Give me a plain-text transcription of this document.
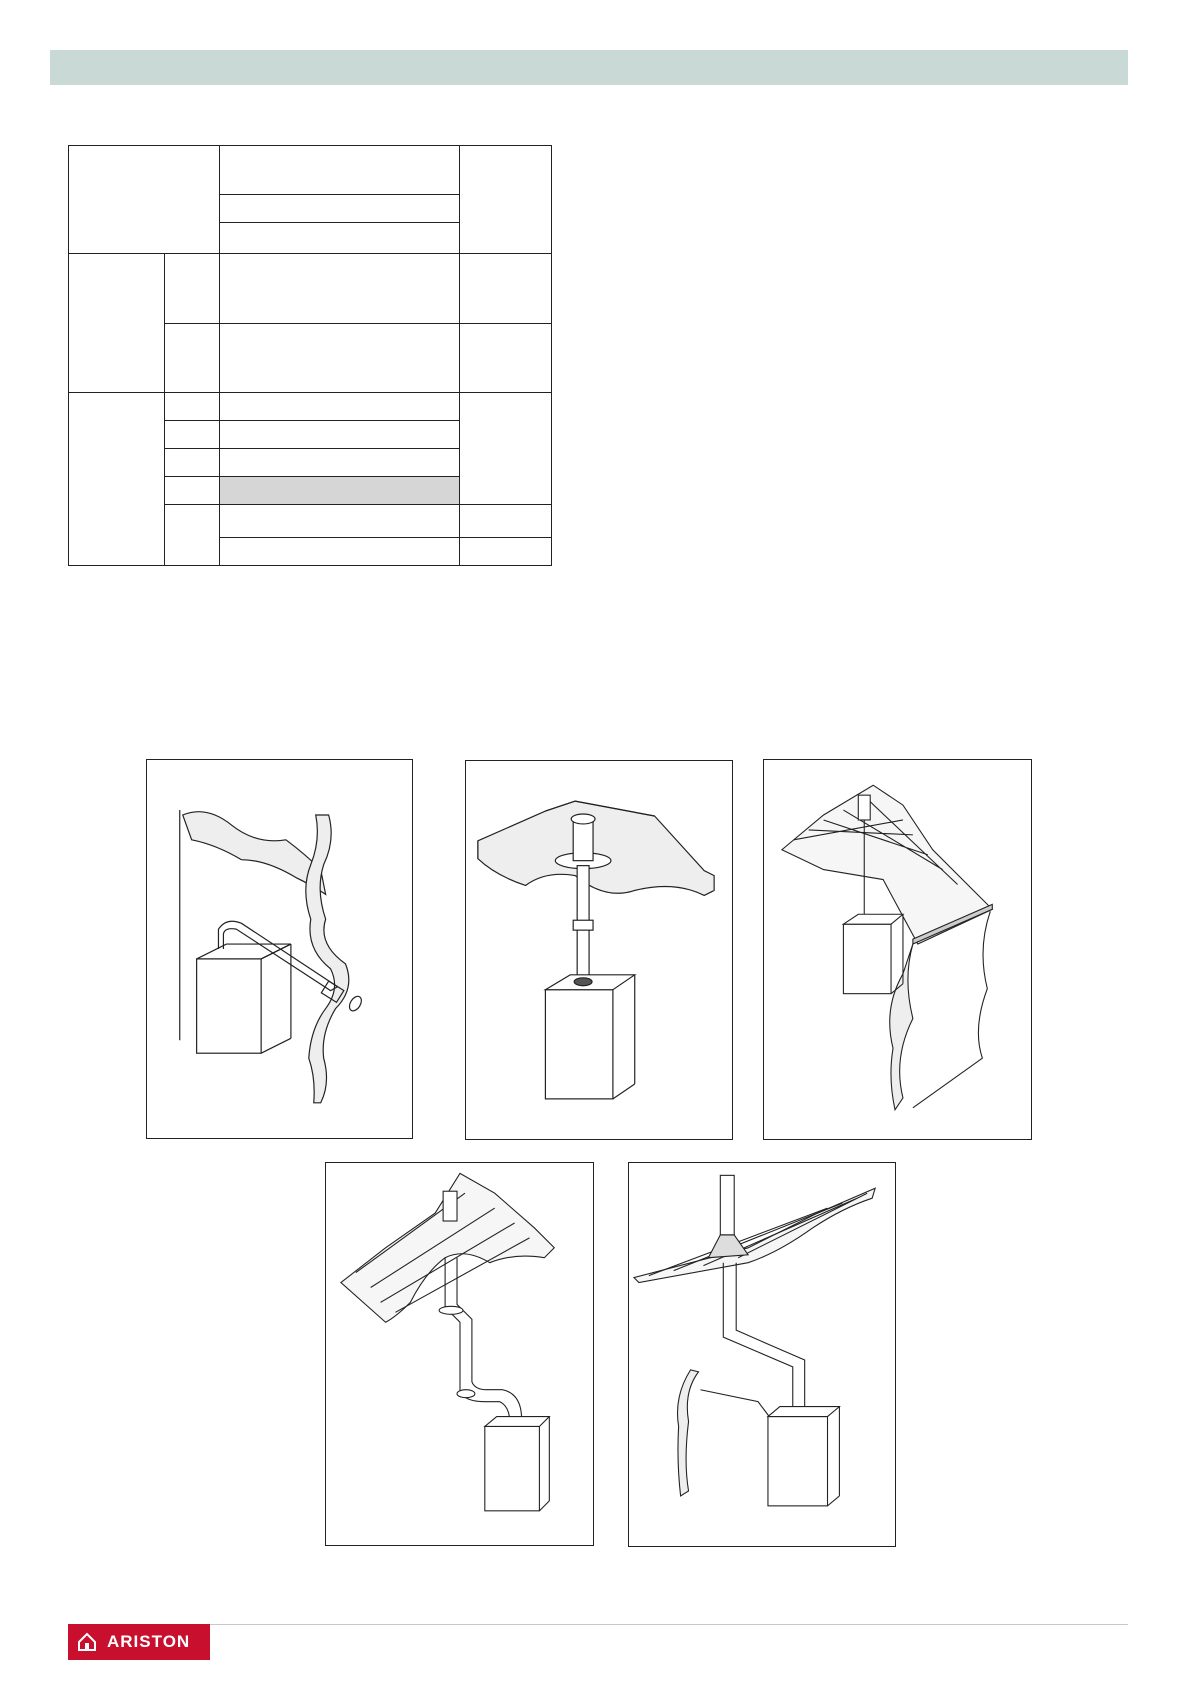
ARISTON
